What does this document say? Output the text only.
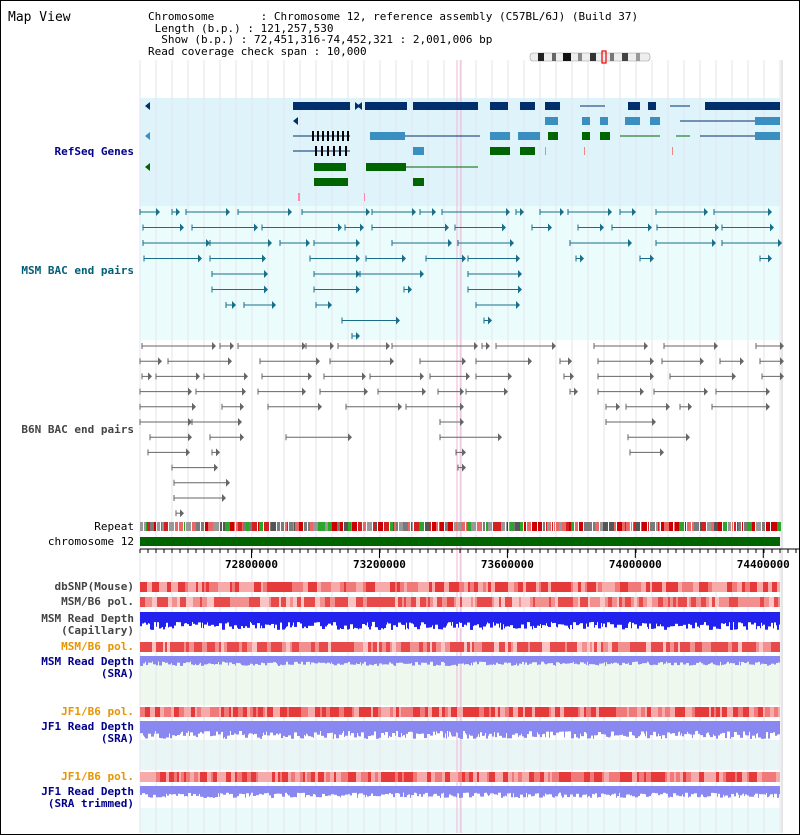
Map View	Chromosome       : Chromosome 12, reference assembly (C57BL/6J) (Build 37)
Length (b.p.) : 121,257,530
Show (b.p.) : 72,451,316-74,452,321 : 2,001,006 bp
Read coverage check span : 10,000
RefSeq Genes
MSM BAC end pairs
B6N BAC end pairs
Repeat
chromosome 12
dbSNP(Mouse)
MSM/B6 pol.
MSM Read Depth
(Capillary)
MSM/B6 pol.
MSM Read Depth
(SRA)
JF1/B6 pol.
JF1 Read Depth
(SRA)
JF1/B6 pol.
JF1 Read Depth
(SRA trimmed)
72800000	73200000	73600000	74000000	74400000
